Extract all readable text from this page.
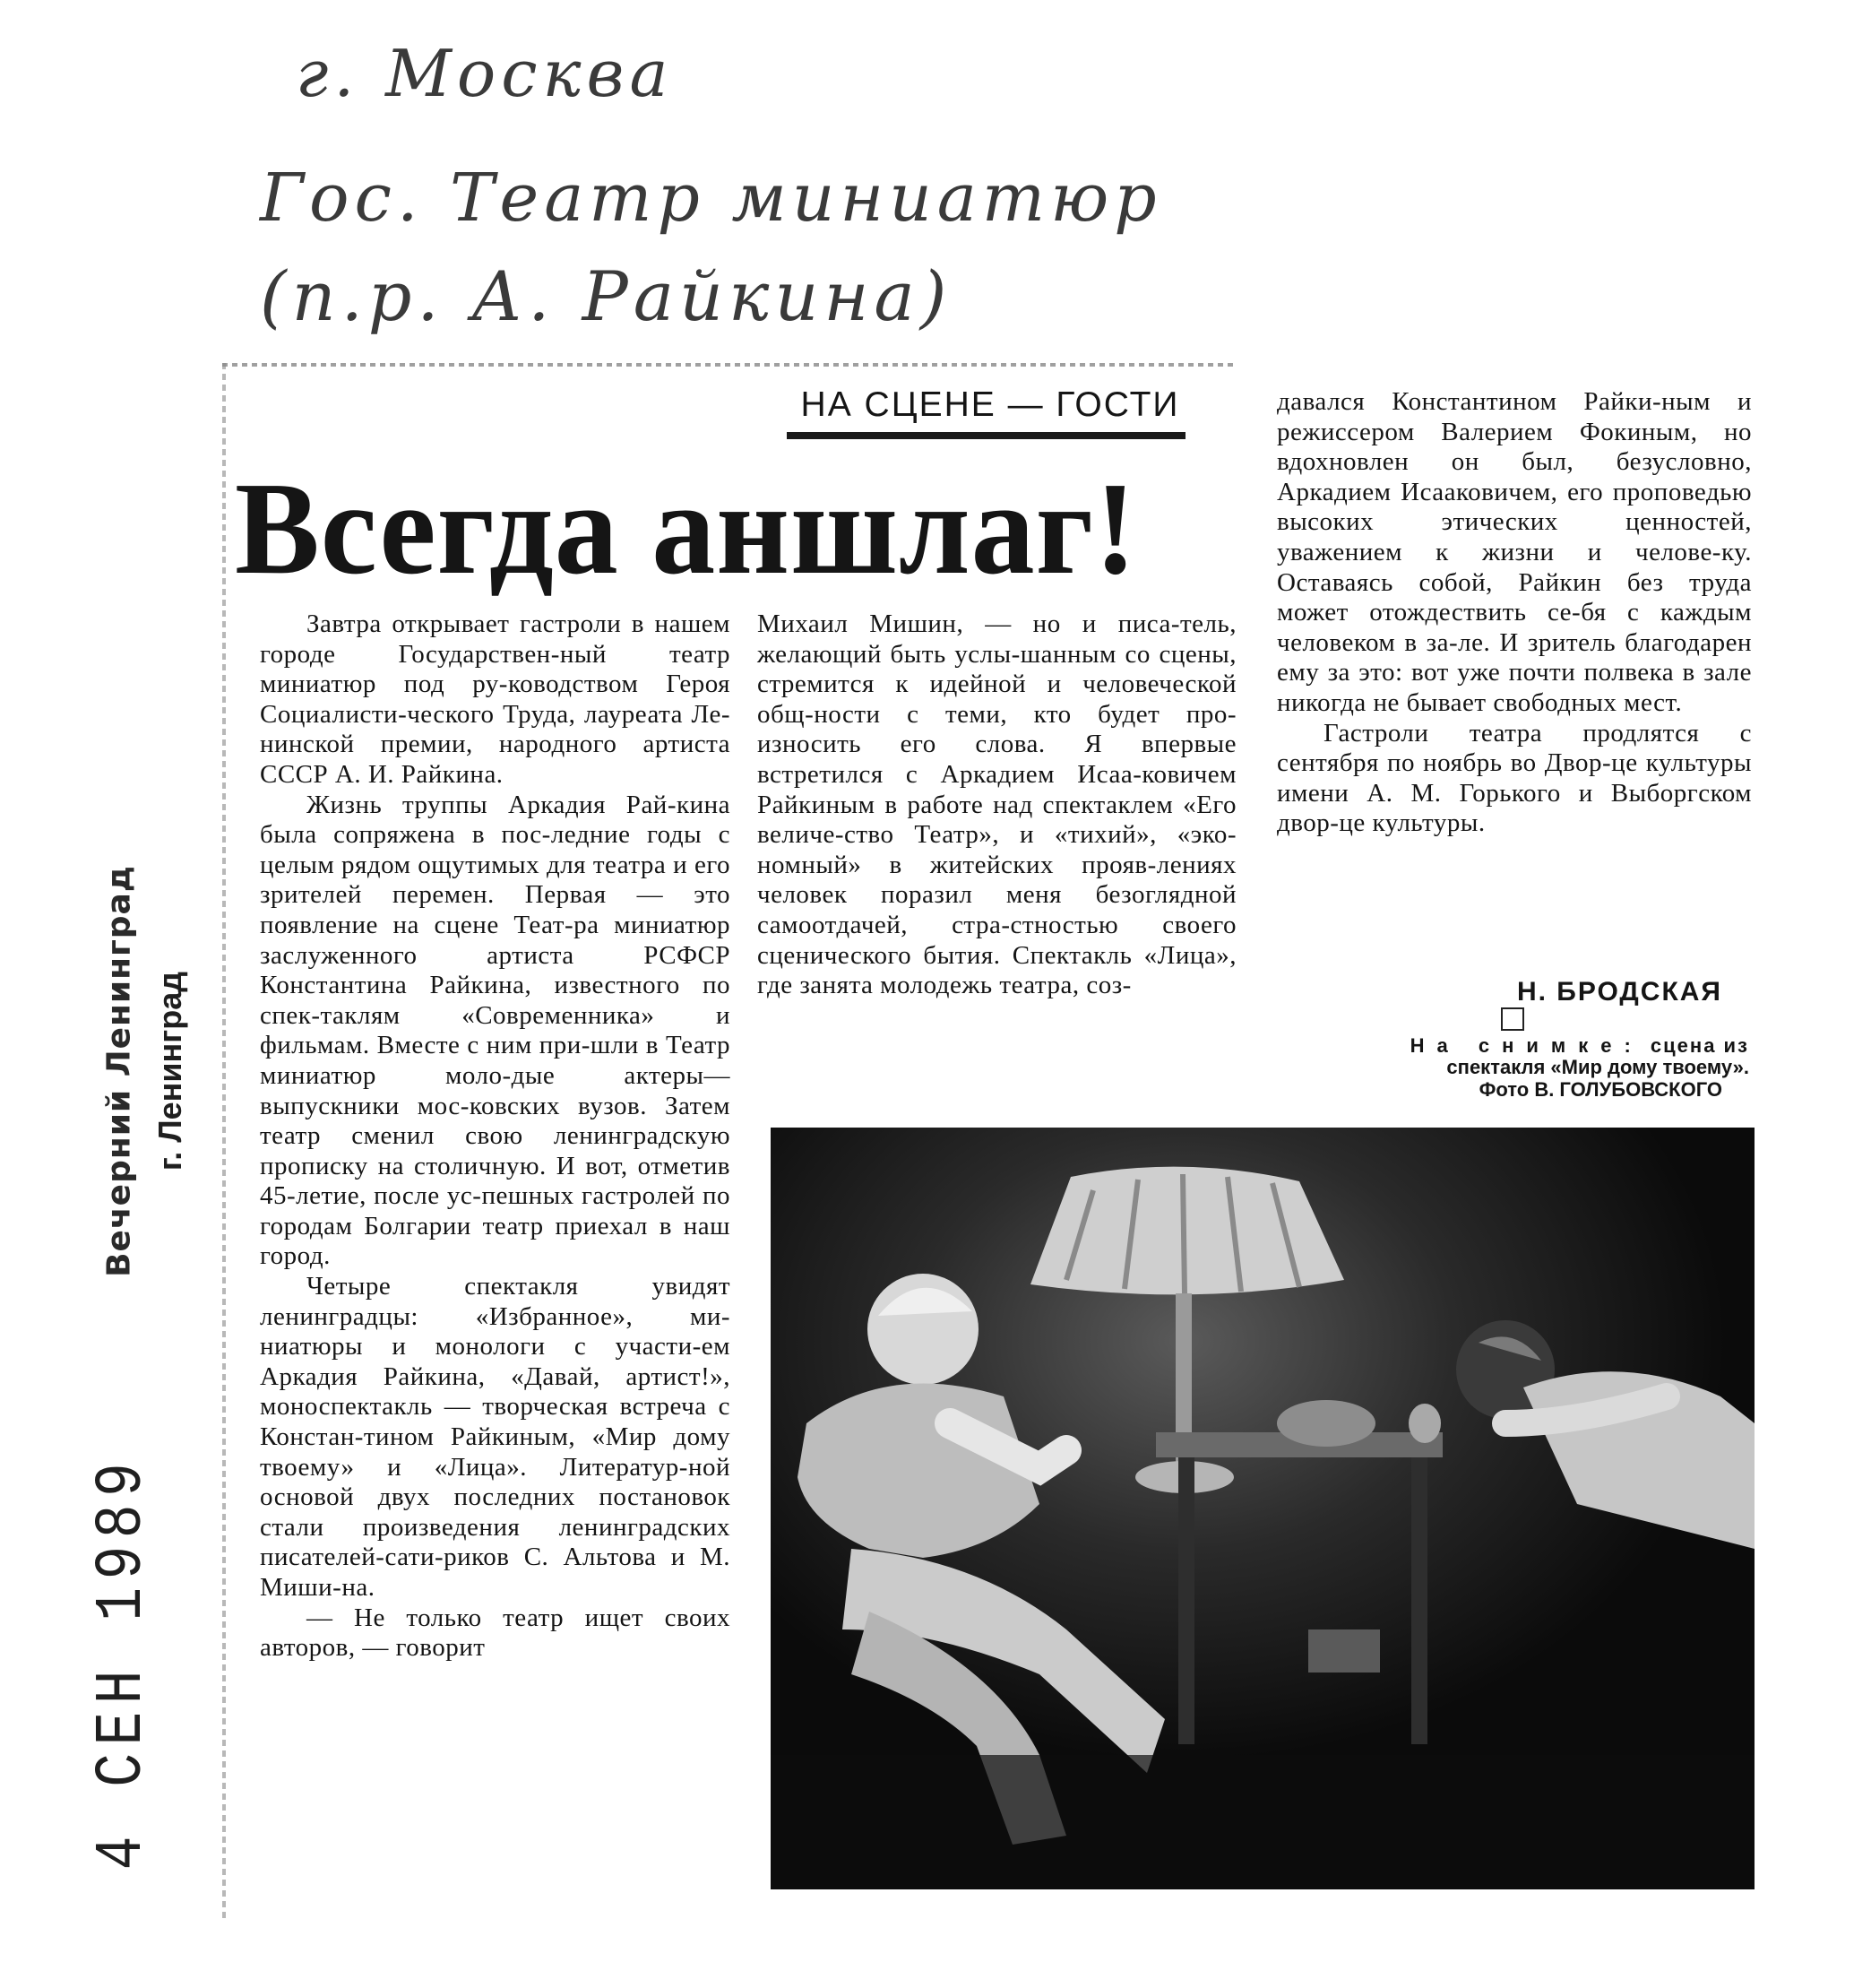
г. Москва
Гос. Театр миниатюр
(п.р. А. Райкина)
Вечерний Ленинград г. Ленинград
4 СЕН 1989
НА СЦЕНЕ — ГОСТИ
Всегда аншлаг!

Завтра открывает гастроли в нашем городе Государствен-ный театр миниатюр под ру-ководством Героя Социалисти-ческого Труда, лауреата Ле-нинской премии, народного артиста СССР А. И. Райкина.

Жизнь труппы Аркадия Рай-кина была сопряжена в пос-ледние годы с целым рядом ощутимых для театра и его зрителей перемен. Первая — это появление на сцене Теат-ра миниатюр заслуженного артиста РСФСР Константина Райкина, известного по спек-таклям «Современника» и фильмам. Вместе с ним при-шли в Театр миниатюр моло-дые актеры—выпускники мос-ковских вузов. Затем театр сменил свою ленинградскую прописку на столичную. И вот, отметив 45-летие, после ус-пешных гастролей по городам Болгарии театр приехал в наш город.

Четыре спектакля увидят ленинградцы: «Избранное», ми-ниатюры и монологи с участи-ем Аркадия Райкина, «Давай, артист!», моноспектакль — творческая встреча с Констан-тином Райкиным, «Мир дому твоему» и «Лица». Литератур-ной основой двух последних постановок стали произведения ленинградских писателей-сати-риков С. Альтова и М. Миши-на.

— Не только театр ищет своих авторов, — говорит

Михаил Мишин, — но и писа-тель, желающий быть услы-шанным со сцены, стремится к идейной и человеческой общ-ности с теми, кто будет про-износить его слова. Я впервые встретился с Аркадием Исаа-ковичем Райкиным в работе над спектаклем «Его величе-ство Театр», и «тихий», «эко-номный» в житейских прояв-лениях человек поразил меня безоглядной самоотдачей, стра-стностью своего сценического бытия. Спектакль «Лица», где занята молодежь театра, соз-

давался Константином Райки-ным и режиссером Валерием Фокиным, но вдохновлен он был, безусловно, Аркадием Исааковичем, его проповедью высоких этических ценностей, уважением к жизни и челове-ку. Оставаясь собой, Райкин без труда может отождествить се-бя с каждым человеком в за-ле. И зритель благодарен ему за это: вот уже почти полвека в зале никогда не бывает свободных мест.

Гастроли театра продлятся с сентября по ноябрь во Двор-це культуры имени А. М. Горького и Выборгском двор-це культуры.

Н. БРОДСКАЯ
На снимке: сцена из
спектакля «Мир дому твоему».
Фото В. ГОЛУБОВСКОГО
